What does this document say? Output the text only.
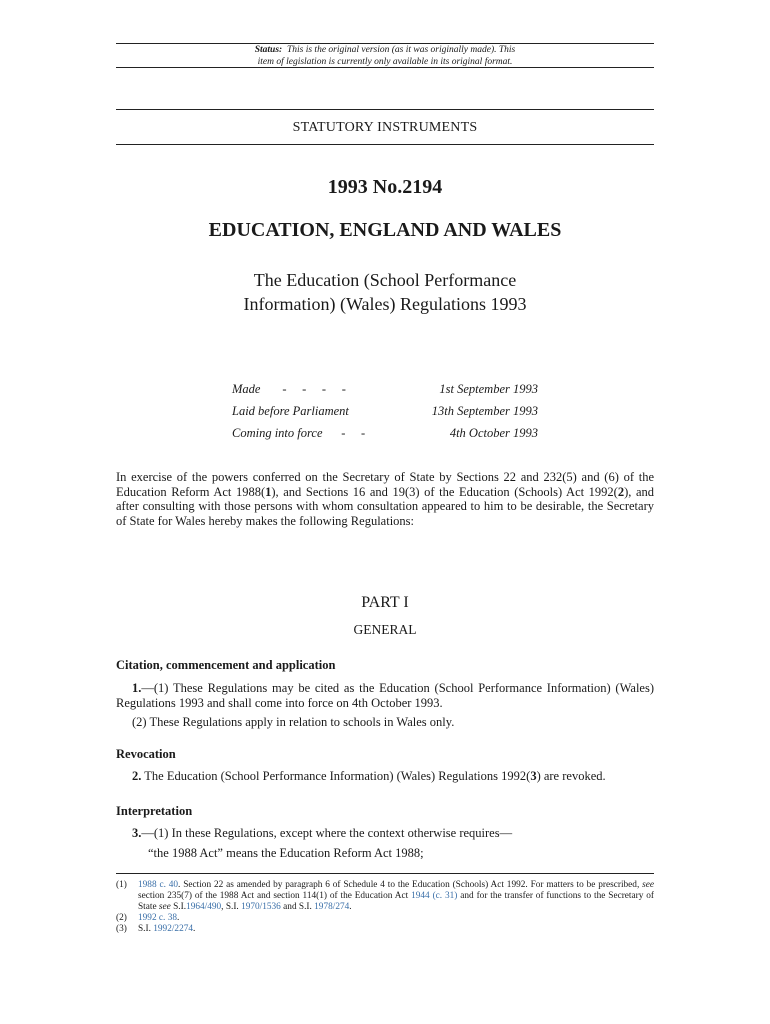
Status: This is the original version (as it was originally made). This
item of legislation is currently only available in its original format.
STATUTORY INSTRUMENTS
1993 No.2194
EDUCATION, ENGLAND AND WALES
The Education (School Performance
Information) (Wales) Regulations 1993
Made       -     -     -     -	1st September 1993
Laid before Parliament	13th September 1993
Coming into force      -     -	4th October 1993
In exercise of the powers conferred on the Secretary of State by Sections 22 and 232(5) and (6) of the Education Reform Act 1988(1), and Sections 16 and 19(3) of the Education (Schools) Act 1992(2), and after consulting with those persons with whom consultation appeared to him to be desirable, the Secretary of State for Wales hereby makes the following Regulations:
PART I
GENERAL
Citation, commencement and application
1.—(1) These Regulations may be cited as the Education (School Performance Information) (Wales) Regulations 1993 and shall come into force on 4th October 1993.
(2) These Regulations apply in relation to schools in Wales only.
Revocation
2. The Education (School Performance Information) (Wales) Regulations 1992(3) are revoked.
Interpretation
3.—(1) In these Regulations, except where the context otherwise requires—
“the 1988 Act” means the Education Reform Act 1988;
(1) 1988 c. 40. Section 22 as amended by paragraph 6 of Schedule 4 to the Education (Schools) Act 1992. For matters to be prescribed, see section 235(7) of the 1988 Act and section 114(1) of the Education Act 1944 (c. 31) and for the transfer of functions to the Secretary of State see S.I.1964/490, S.I. 1970/1536 and S.I. 1978/274.
(2) 1992 c. 38.
(3) S.I. 1992/2274.
